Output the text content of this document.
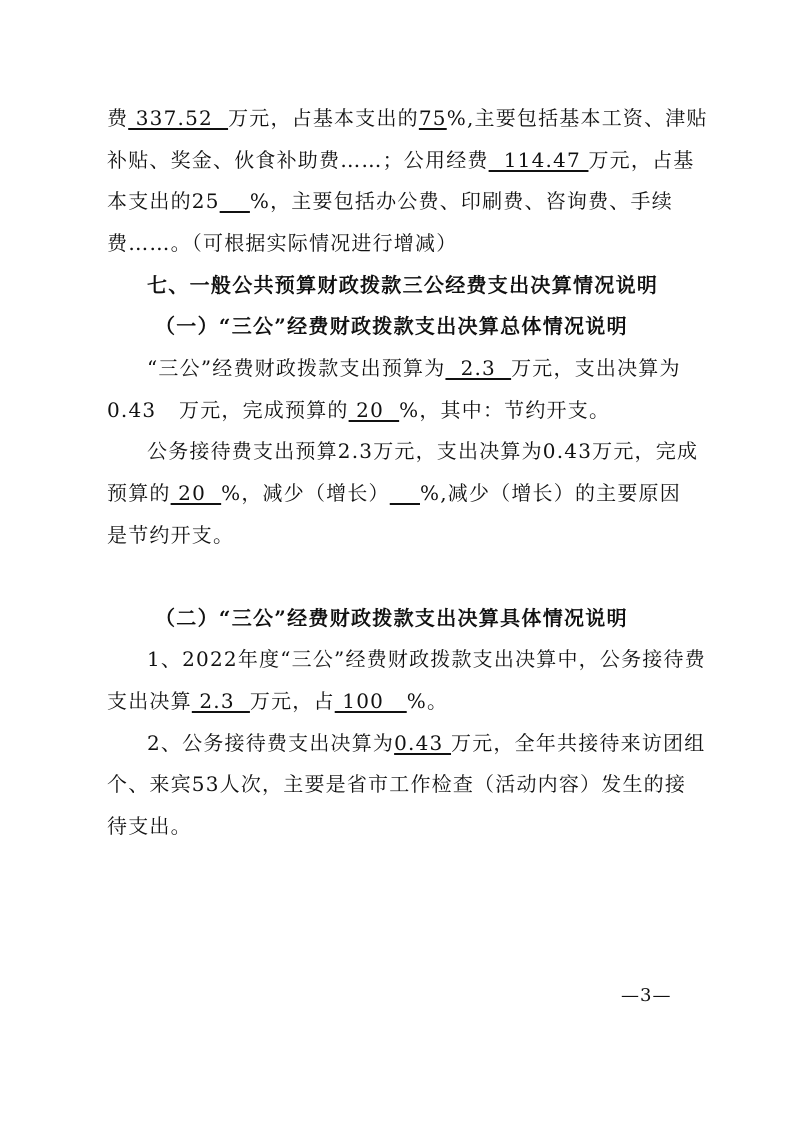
费 337.52  万元，占基本支出的75%,主要包括基本工资、津贴
补贴、奖金、伙食补助费……；公用经费  114.47 万元，占基
本支出的25 %，主要包括办公费、印刷费、咨询费、手续
费……。（可根据实际情况进行增减）
七、一般公共预算财政拨款三公经费支出决算情况说明
（一）“三公”经费财政拨款支出决算总体情况说明
“三公”经费财政拨款支出预算为  2.3  万元，支出决算为
0.43   万元，完成预算的 20  %，其中：节约开支。
公务接待费支出预算2.3万元，支出决算为0.43万元，完成
预算的 20  %，减少（增长） %,减少（增长）的主要原因
是节约开支。
（二）“三公”经费财政拨款支出决算具体情况说明
1、2022年度“三公”经费财政拨款支出决算中，公务接待费
支出决算 2.3  万元，占 100   %。
2、公务接待费支出决算为0.43 万元，全年共接待来访团组
个、来宾53人次，主要是省市工作检查（活动内容）发生的接
待支出。
—3—
